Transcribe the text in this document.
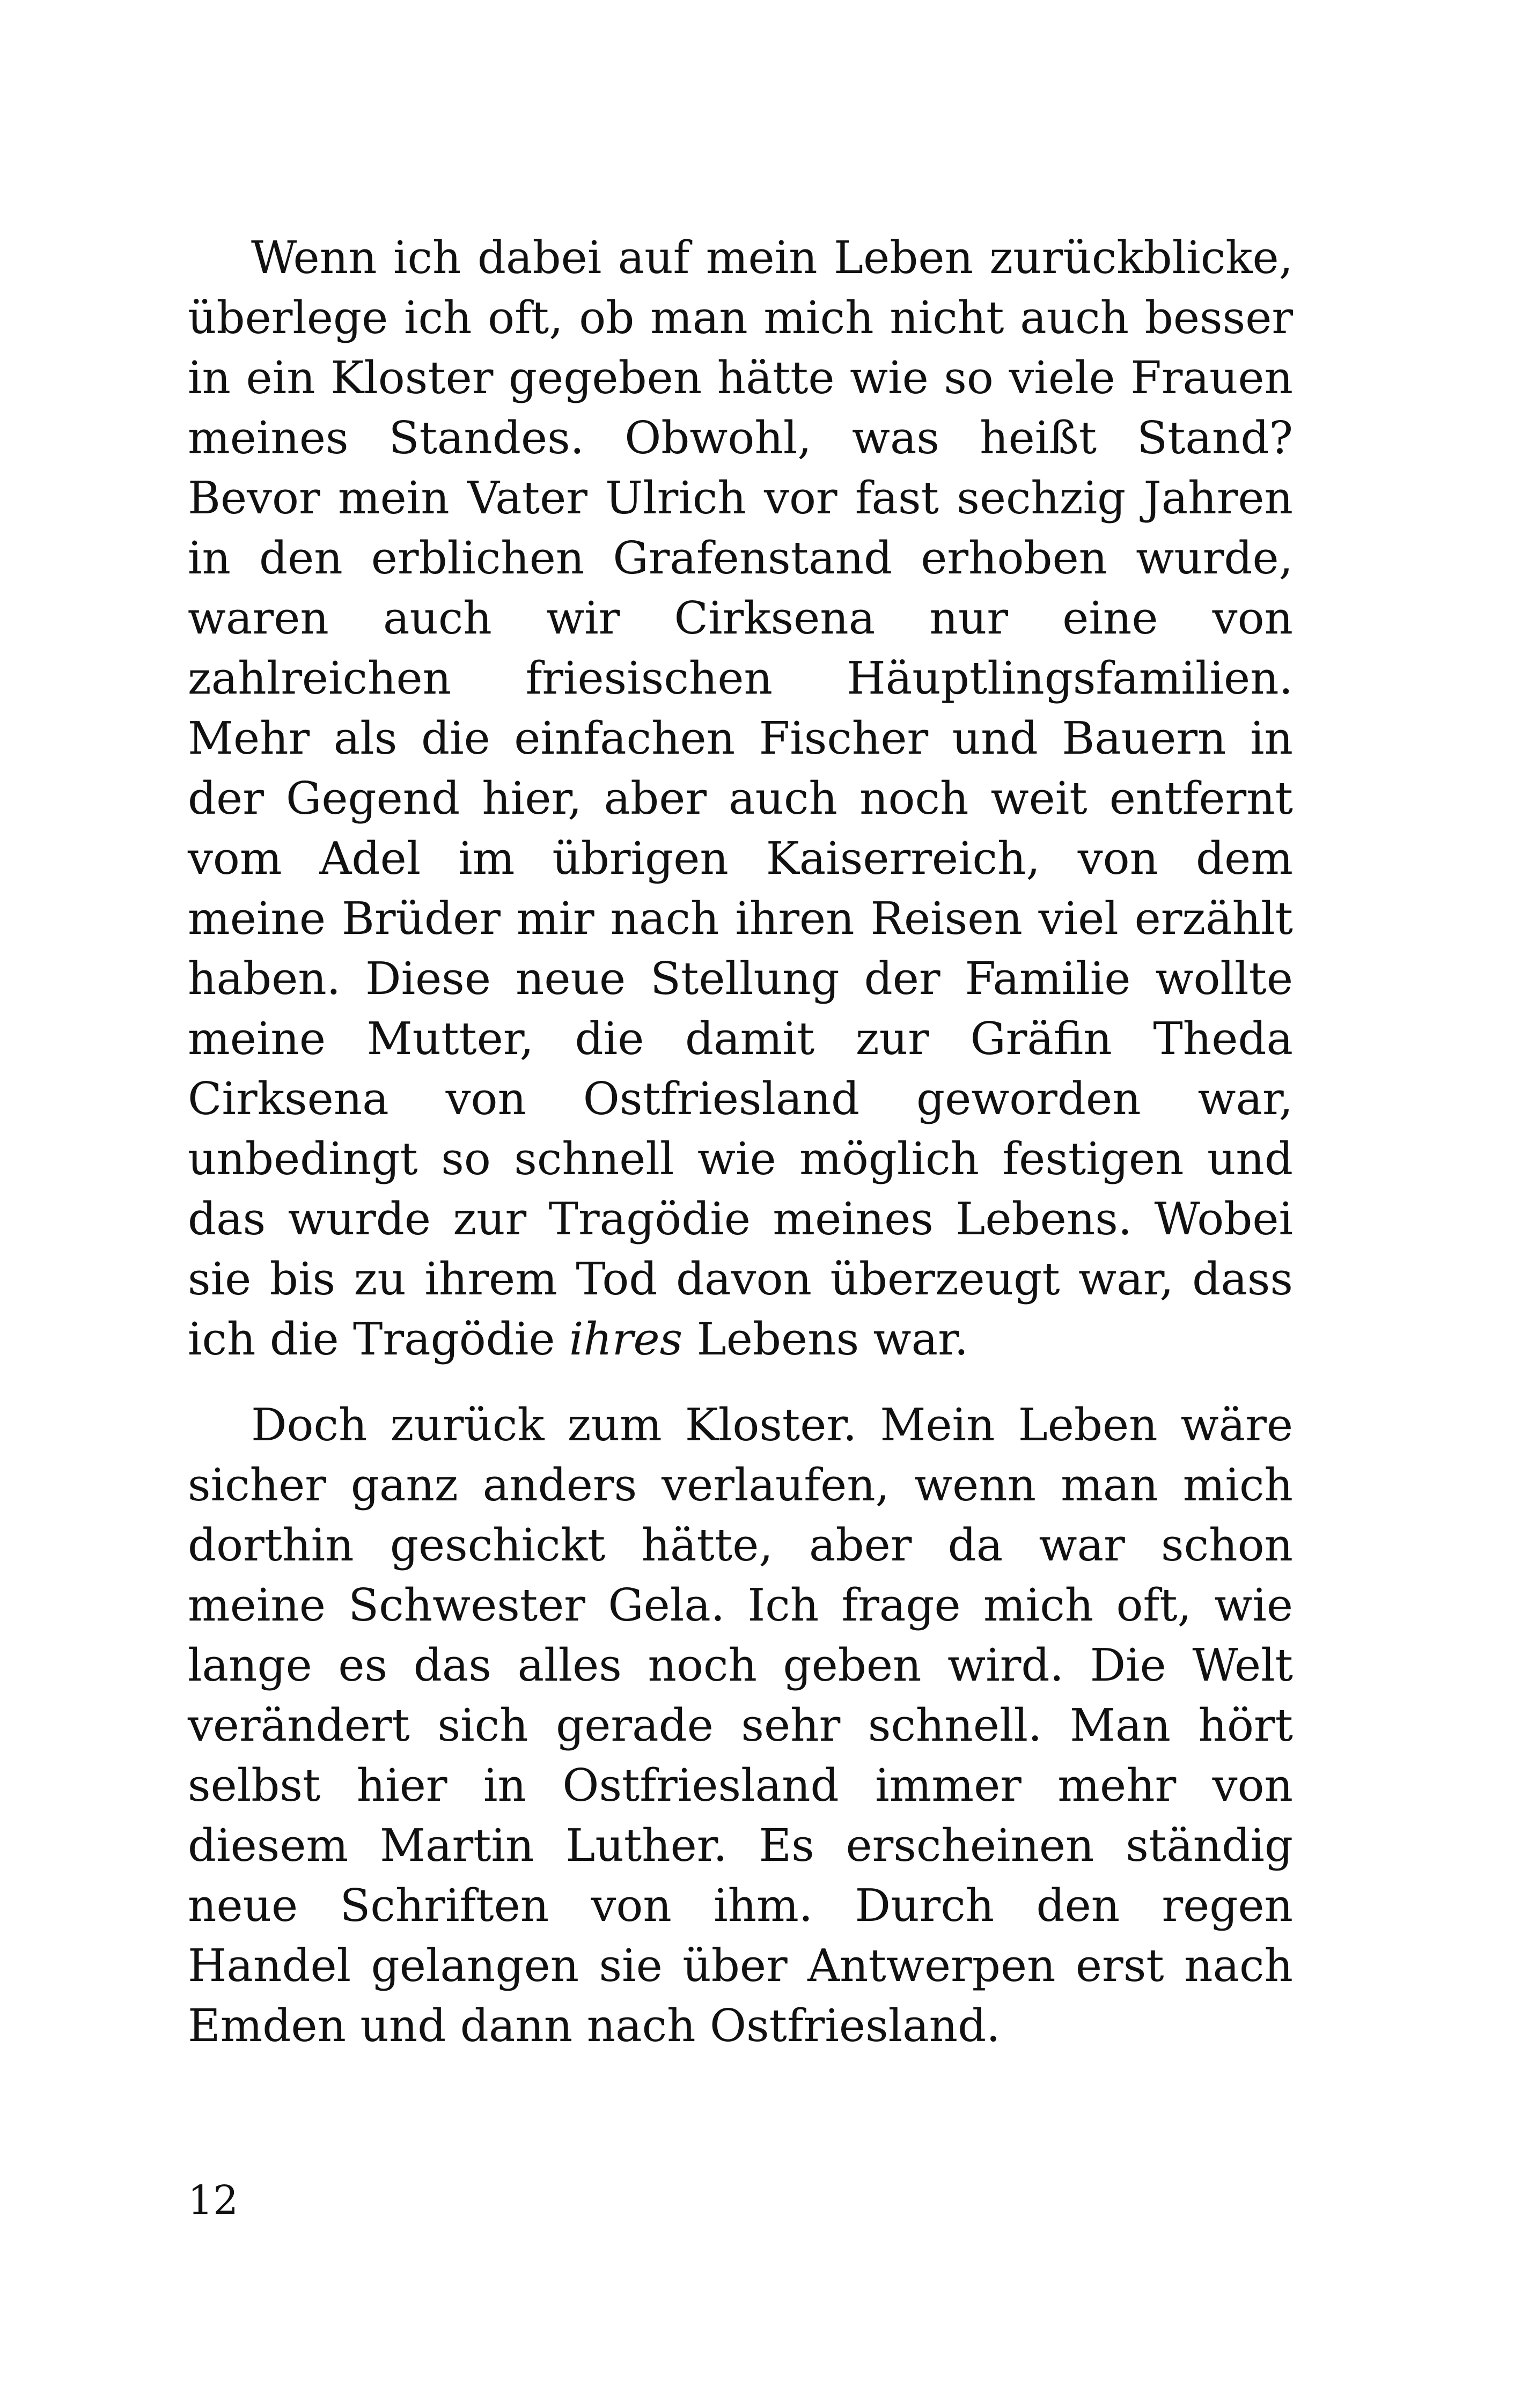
Wenn ich dabei auf mein Leben zurückblicke, überlege ich oft, ob man mich nicht auch besser in ein Kloster gegeben hätte wie so viele Frauen meines Standes. Obwohl, was heißt Stand? Bevor mein Vater Ulrich vor fast sechzig Jahren in den erblichen Grafenstand erhoben wurde, waren auch wir Cirksena nur eine von zahlreichen friesischen Häuptlingsfamilien. Mehr als die einfachen Fischer und Bauern in der Gegend hier, aber auch noch weit entfernt vom Adel im übrigen Kaiserreich, von dem meine Brüder mir nach ihren Reisen viel erzählt haben. Diese neue Stellung der Familie wollte meine Mutter, die damit zur Gräfin Theda Cirksena von Ostfriesland geworden war, unbedingt so schnell wie möglich festigen und das wurde zur Tragödie meines Lebens. Wobei sie bis zu ihrem Tod davon überzeugt war, dass ich die Tragödie ihres Lebens war.

Doch zurück zum Kloster. Mein Leben wäre sicher ganz anders verlaufen, wenn man mich dorthin geschickt hätte, aber da war schon meine Schwester Gela. Ich frage mich oft, wie lange es das alles noch geben wird. Die Welt verändert sich gerade sehr schnell. Man hört selbst hier in Ostfriesland immer mehr von diesem Martin Luther. Es erscheinen ständig neue Schriften von ihm. Durch den regen Handel gelangen sie über Antwerpen erst nach Emden und dann nach Ostfriesland.

12
